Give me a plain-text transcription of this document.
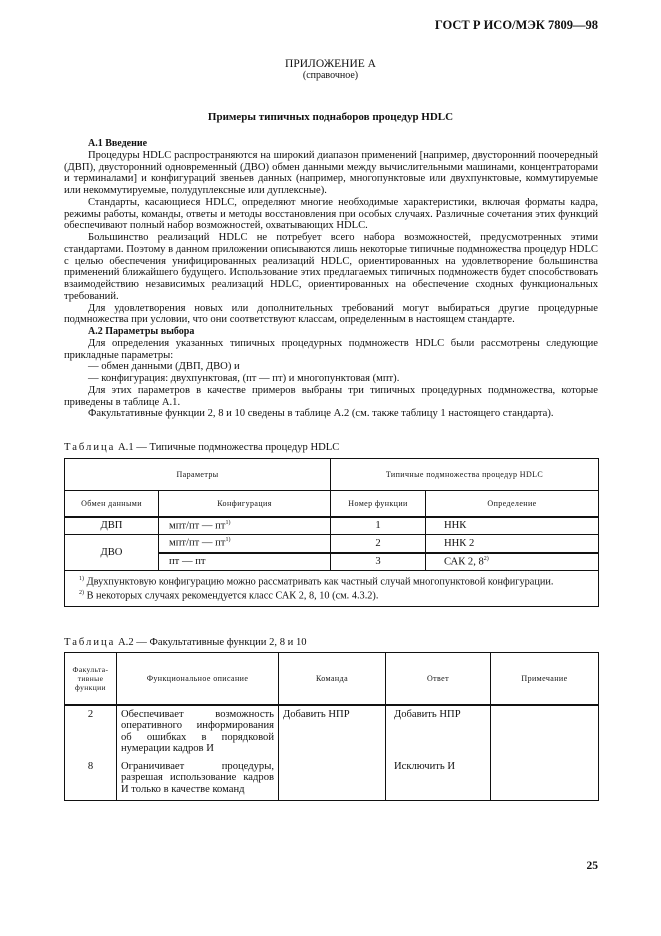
ГОСТ Р ИСО/МЭК 7809—98
ПРИЛОЖЕНИЕ А
(справочное)
Примеры типичных поднаборов процедур HDLC
А.1 Введение

Процедуры HDLC распространяются на широкий диапазон применений [например, двусторонний поочередный (ДВП), двусторонний одновременный (ДВО) обмен данными между вычислительными машинами, концентраторами и терминалами] и конфигураций звеньев данных (например, многопунктовые или двухпунктовые, коммутируемые или некоммутируемые, полудуплексные или дуплексные).

Стандарты, касающиеся HDLC, определяют многие необходимые характеристики, включая форматы кадра, режимы работы, команды, ответы и методы восстановления при особых случаях. Различные сочетания этих функций обеспечивают полный набор возможностей, охватывающих HDLC.

Большинство реализаций HDLC не потребует всего набора возможностей, предусмотренных этими стандартами. Поэтому в данном приложении описываются лишь некоторые типичные подмножества процедур HDLC с целью обеспечения унифицированных реализаций HDLC, ориентированных на удовлетворение большинства применений ближайшего будущего. Использование этих предлагаемых типичных подмножеств будет способствовать взаимодействию независимых реализаций HDLC, ориентированных на обеспечение сходных функциональных требований.

Для удовлетворения новых или дополнительных требований могут выбираться другие процедурные подмножества при условии, что они соответствуют классам, определенным в настоящем стандарте.

А.2 Параметры выбора

Для определения указанных типичных процедурных подмножеств HDLC были рассмотрены следующие прикладные параметры:

— обмен данными (ДВП, ДВО) и

— конфигурация: двухпунктовая, (пт — пт) и многопунктовая (мпт).

Для этих параметров в качестве примеров выбраны три типичных процедурных подмножества, которые приведены в таблице А.1.

Факультативные функции 2, 8 и 10 сведены в таблице А.2 (см. также таблицу 1 настоящего стандарта).

Таблица А.1 — Типичные подмножества процедур HDLC
Параметры		Типичные подмножества процедур HDLC	
Обмен данными	Конфигурация	Номер функции	Определение
ДВП	мпт/пт — $пт^{1)}$	1	ННК
ДВО	мпт/пт — $пт^{1)}$	2	ННК 2
	пт — пт	3	САК 2, 8$^{2)}$

$^{1)}$ Двухпунктовую конфигурацию можно рассматривать как частный случай многопунктовой конфигурации.
$^{2)}$ В некоторых случаях рекомендуется класс САК 2, 8, 10 (см. 4.3.2).			
Таблица А.2 — Факультативные функции 2, 8 и 10
Факульта-тивные функции	Функциональное описание	Команда	Ответ	Примечание
2	Обеспечивает возможность оперативного информирования об ошибках в порядковой нумерации кадров И	Добавить НПР	Добавить НПР	
8	Ограничивает процедуры, разрешая использование кадров И только в качестве команд		Исключить И	
25
